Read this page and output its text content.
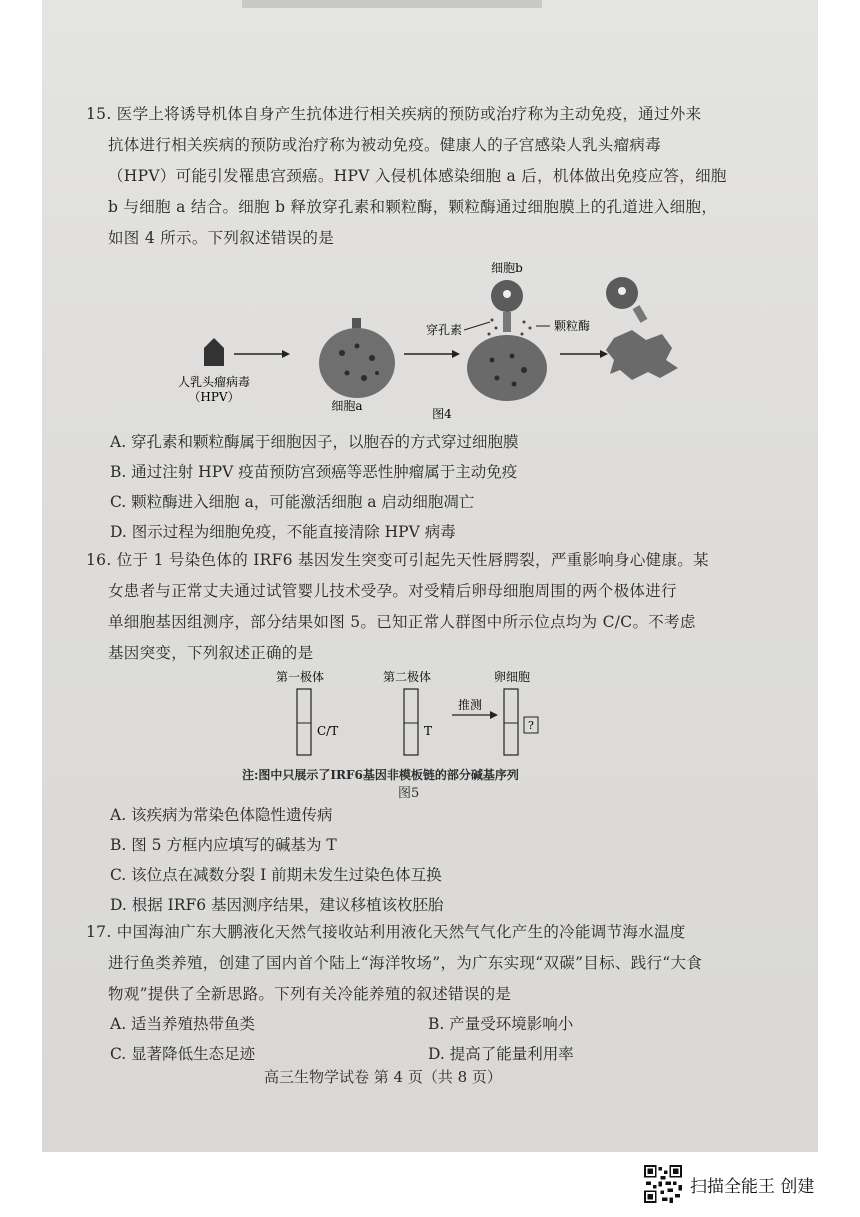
15. 医学上将诱导机体自身产生抗体进行相关疾病的预防或治疗称为主动免疫，通过外来
抗体进行相关疾病的预防或治疗称为被动免疫。健康人的子宫感染人乳头瘤病毒
（HPV）可能引发罹患宫颈癌。HPV 入侵机体感染细胞 a 后，机体做出免疫应答，细胞
b 与细胞 a 结合。细胞 b 释放穿孔素和颗粒酶，颗粒酶通过细胞膜上的孔道进入细胞，
如图 4 所示。下列叙述错误的是
人乳头瘤病毒
（HPV）
细胞a
细胞b
穿孔素	颗粒酶
图4
A. 穿孔素和颗粒酶属于细胞因子，以胞吞的方式穿过细胞膜
B. 通过注射 HPV 疫苗预防宫颈癌等恶性肿瘤属于主动免疫
C. 颗粒酶进入细胞 a，可能激活细胞 a 启动细胞凋亡
D. 图示过程为细胞免疫，不能直接清除 HPV 病毒
16. 位于 1 号染色体的 IRF6 基因发生突变可引起先天性唇腭裂，严重影响身心健康。某
女患者与正常丈夫通过试管婴儿技术受孕。对受精后卵母细胞周围的两个极体进行
单细胞基因组测序，部分结果如图 5。已知正常人群图中所示位点均为 C/C。不考虑
基因突变，下列叙述正确的是
第一极体
C/T
第二极体
T
卵细胞
推测
?
注:图中只展示了IRF6基因非模板链的部分碱基序列
图5
A. 该疾病为常染色体隐性遗传病
B. 图 5 方框内应填写的碱基为 T
C. 该位点在减数分裂 I 前期未发生过染色体互换
D. 根据 IRF6 基因测序结果，建议移植该枚胚胎
17. 中国海油广东大鹏液化天然气接收站利用液化天然气气化产生的冷能调节海水温度
进行鱼类养殖，创建了国内首个陆上“海洋牧场”，为广东实现“双碳”目标、践行“大食
物观”提供了全新思路。下列有关冷能养殖的叙述错误的是
A. 适当养殖热带鱼类	B. 产量受环境影响小
C. 显著降低生态足迹	D. 提高了能量利用率
高三生物学试卷 第 4 页（共 8 页）
扫描全能王 创建
